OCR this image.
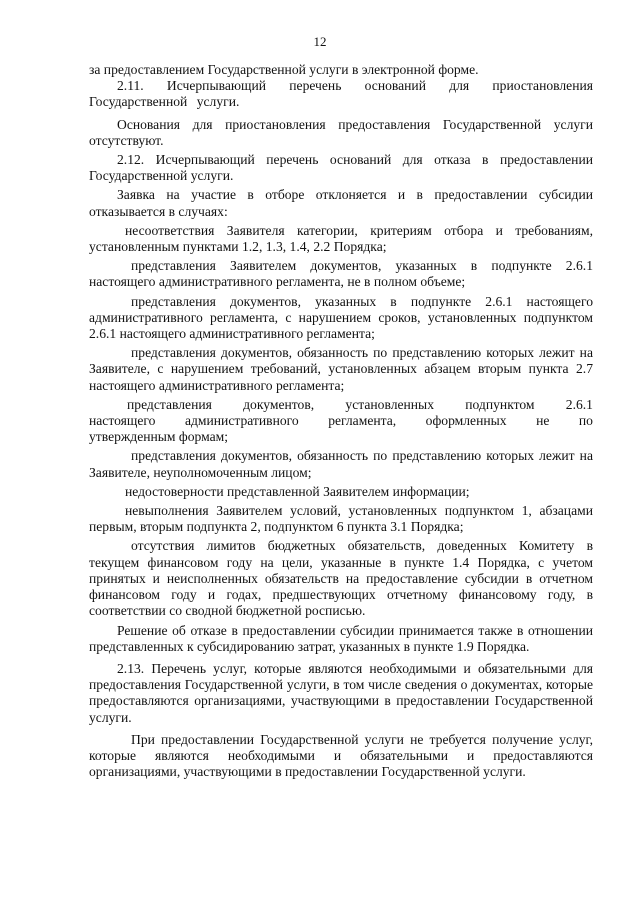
12

за предоставлением Государственной услуги в электронной форме.

2.11. Исчерпывающий перечень оснований для приостановления Государственной услуги.

Основания для приостановления предоставления Государственной услуги отсутствуют.

2.12. Исчерпывающий перечень оснований для отказа в предоставлении Государственной услуги.

Заявка на участие в отборе отклоняется и в предоставлении субсидии отказывается в случаях:

несоответствия Заявителя категории, критериям отбора и требованиям, установленным пунктами 1.2, 1.3, 1.4, 2.2 Порядка;

представления Заявителем документов, указанных в подпункте 2.6.1 настоящего административного регламента, не в полном объеме;

представления документов, указанных в подпункте 2.6.1 настоящего административного регламента, с нарушением сроков, установленных подпунктом 2.6.1 настоящего административного регламента;

представления документов, обязанность по представлению которых лежит на Заявителе, с нарушением требований, установленных абзацем вторым пункта 2.7 настоящего административного регламента;

представления документов, установленных подпунктом 2.6.1
настоящего административного регламента, оформленных не по
утвержденным формам;

представления документов, обязанность по представлению которых лежит на Заявителе, неуполномоченным лицом;

недостоверности представленной Заявителем информации;

невыполнения Заявителем условий, установленных подпунктом 1, абзацами первым, вторым подпункта 2, подпунктом 6 пункта 3.1 Порядка;

отсутствия лимитов бюджетных обязательств, доведенных Комитету в текущем финансовом году на цели, указанные в пункте 1.4 Порядка, с учетом принятых и неисполненных обязательств на предоставление субсидии в отчетном финансовом году и годах, предшествующих отчетному финансовому году, в соответствии со сводной бюджетной росписью.

Решение об отказе в предоставлении субсидии принимается также в отношении представленных к субсидированию затрат, указанных в пункте 1.9 Порядка.

2.13. Перечень услуг, которые являются необходимыми и обязательными для предоставления Государственной услуги, в том числе сведения о документах, которые предоставляются организациями, участвующими в предоставлении Государственной услуги.

При предоставлении Государственной услуги не требуется получение услуг, которые являются необходимыми и обязательными и предоставляются организациями, участвующими в предоставлении Государственной услуги.
